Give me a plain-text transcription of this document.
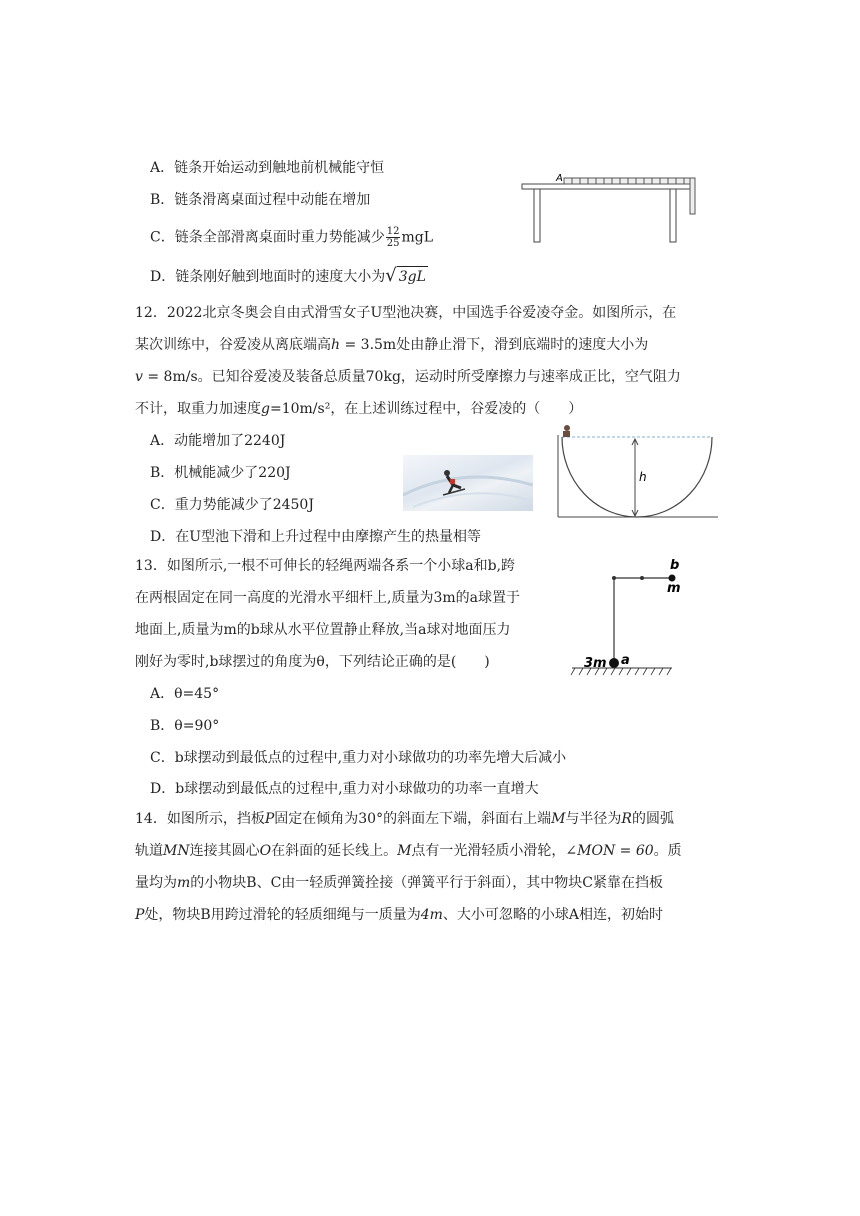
A．链条开始运动到触地前机械能守恒
B．链条滑离桌面过程中动能在增加
C．链条全部滑离桌面时重力势能减少 $\frac{12}{25}$ mgL
D．链条刚好触到地面时的速度大小为√ 3gL
A
12．2022北京冬奥会自由式滑雪女子U型池决赛，中国选手谷爱凌夺金。如图所示，在
某次训练中，谷爱凌从离底端高h = 3.5m处由静止滑下，滑到底端时的速度大小为
v = 8m/s。已知谷爱凌及装备总质量70kg，运动时所受摩擦力与速率成正比，空气阻力
不计，取重力加速度g=10m/s²，在上述训练过程中，谷爱凌的（　　）
A．动能增加了2240J
B．机械能减少了220J
C．重力势能减少了2450J
D．在U型池下滑和上升过程中由摩擦产生的热量相等
h
13．如图所示,一根不可伸长的轻绳两端各系一个小球a和b,跨
在两根固定在同一高度的光滑水平细杆上,质量为3m的a球置于
地面上,质量为m的b球从水平位置静止释放,当a球对地面压力
刚好为零时,b球摆过的角度为θ，下列结论正确的是(　　)
A．θ=45°
B．θ=90°
C．b球摆动到最低点的过程中,重力对小球做功的功率先增大后减小
D．b球摆动到最低点的过程中,重力对小球做功的功率一直增大
b
m
3m a
14．如图所示，挡板P固定在倾角为30°的斜面左下端，斜面右上端M与半径为R的圆弧
轨道MN连接其圆心O在斜面的延长线上。M点有一光滑轻质小滑轮，∠MON = 60。质
量均为m的小物块B、C由一轻质弹簧拴接（弹簧平行于斜面），其中物块C紧靠在挡板
P处，物块B用跨过滑轮的轻质细绳与一质量为4m、大小可忽略的小球A相连，初始时
